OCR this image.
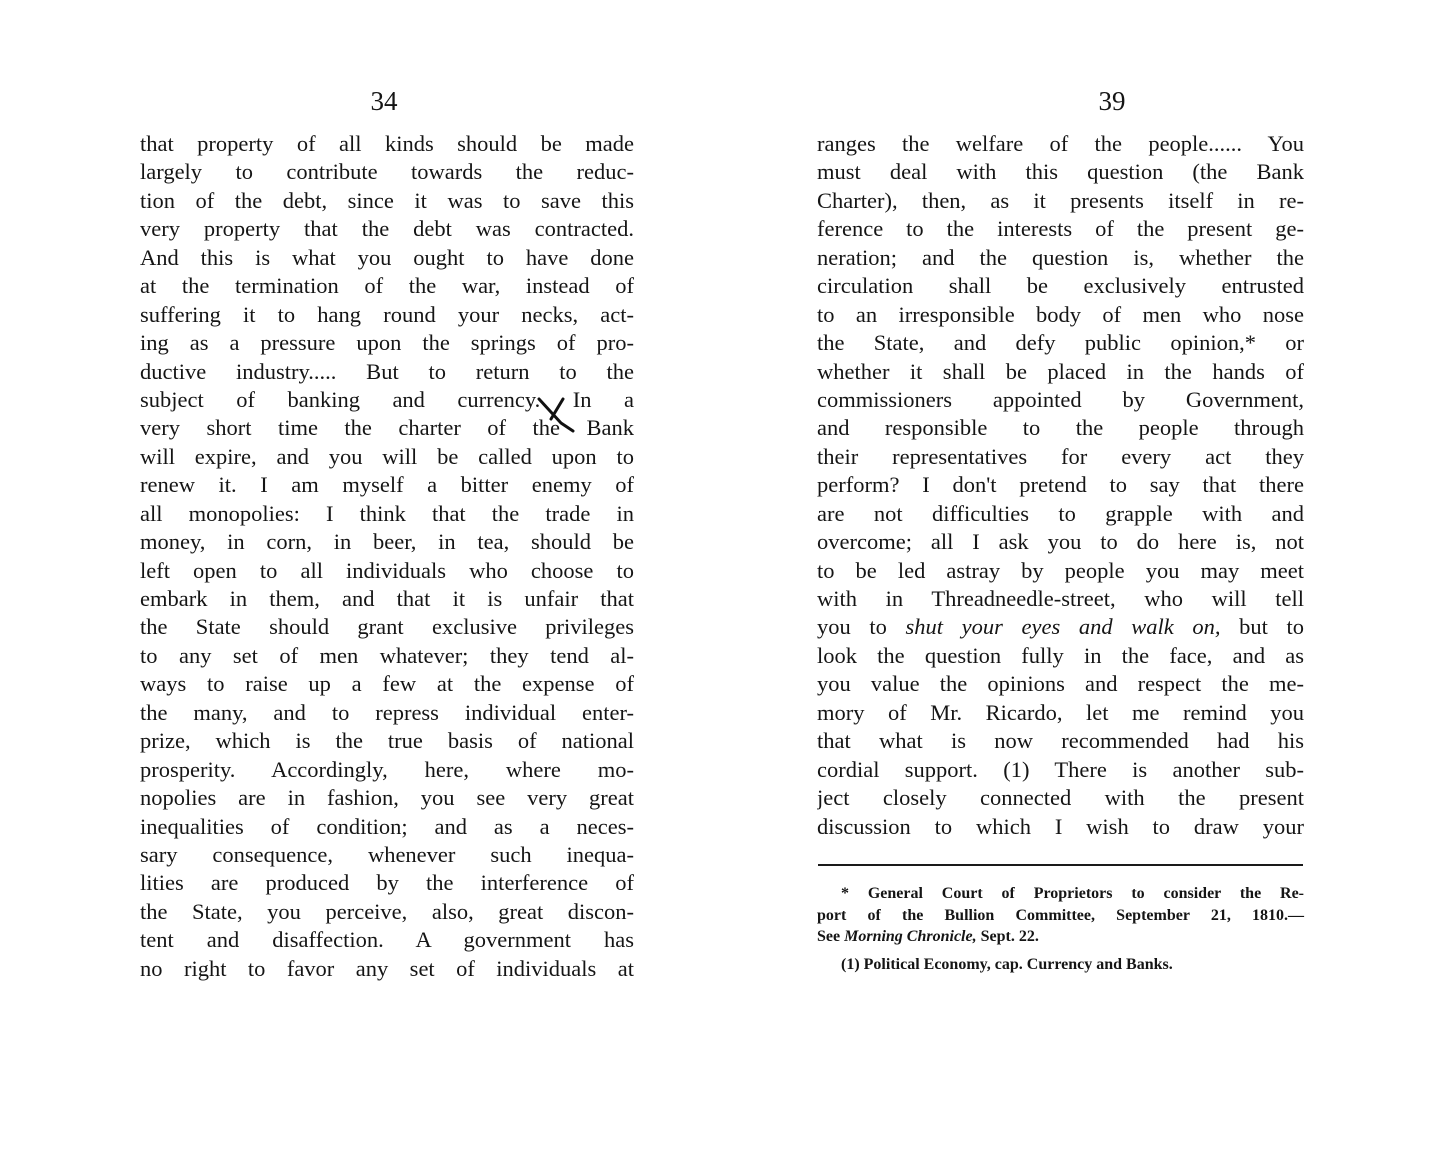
34
that property of all kinds should be made
largely to contribute towards the reduc-
tion of the debt, since it was to save this
very property that the debt was contracted.
And this is what you ought to have done
at the termination of the war, instead of
suffering it to hang round your necks, act-
ing as a pressure upon the springs of pro-
ductive industry..... But to return to the
subject of banking and currency. In a
very short time the charter of the Bank
will expire, and you will be called upon to
renew it. I am myself a bitter enemy of
all monopolies: I think that the trade in
money, in corn, in beer, in tea, should be
left open to all individuals who choose to
embark in them, and that it is unfair that
the State should grant exclusive privileges
to any set of men whatever; they tend al-
ways to raise up a few at the expense of
the many, and to repress individual enter-
prize, which is the true basis of national
prosperity. Accordingly, here, where mo-
nopolies are in fashion, you see very great
inequalities of condition; and as a neces-
sary consequence, whenever such inequa-
lities are produced by the interference of
the State, you perceive, also, great discon-
tent and disaffection. A government has
no right to favor any set of individuals at
39
ranges the welfare of the people...... You
must deal with this question (the Bank
Charter), then, as it presents itself in re-
ference to the interests of the present ge-
neration; and the question is, whether the
circulation shall be exclusively entrusted
to an irresponsible body of men who nose
the State, and defy public opinion,* or
whether it shall be placed in the hands of
commissioners appointed by Government,
and responsible to the people through
their representatives for every act they
perform? I don't pretend to say that there
are not difficulties to grapple with and
overcome; all I ask you to do here is, not
to be led astray by people you may meet
with in Threadneedle-street, who will tell
you to shut your eyes and walk on, but to
look the question fully in the face, and as
you value the opinions and respect the me-
mory of Mr. Ricardo, let me remind you
that what is now recommended had his
cordial support. (1) There is another sub-
ject closely connected with the present
discussion to which I wish to draw your
* General Court of Proprietors to consider the Re-
port of the Bullion Committee, September 21, 1810.—
See Morning Chronicle, Sept. 22.
(1) Political Economy, cap. Currency and Banks.
